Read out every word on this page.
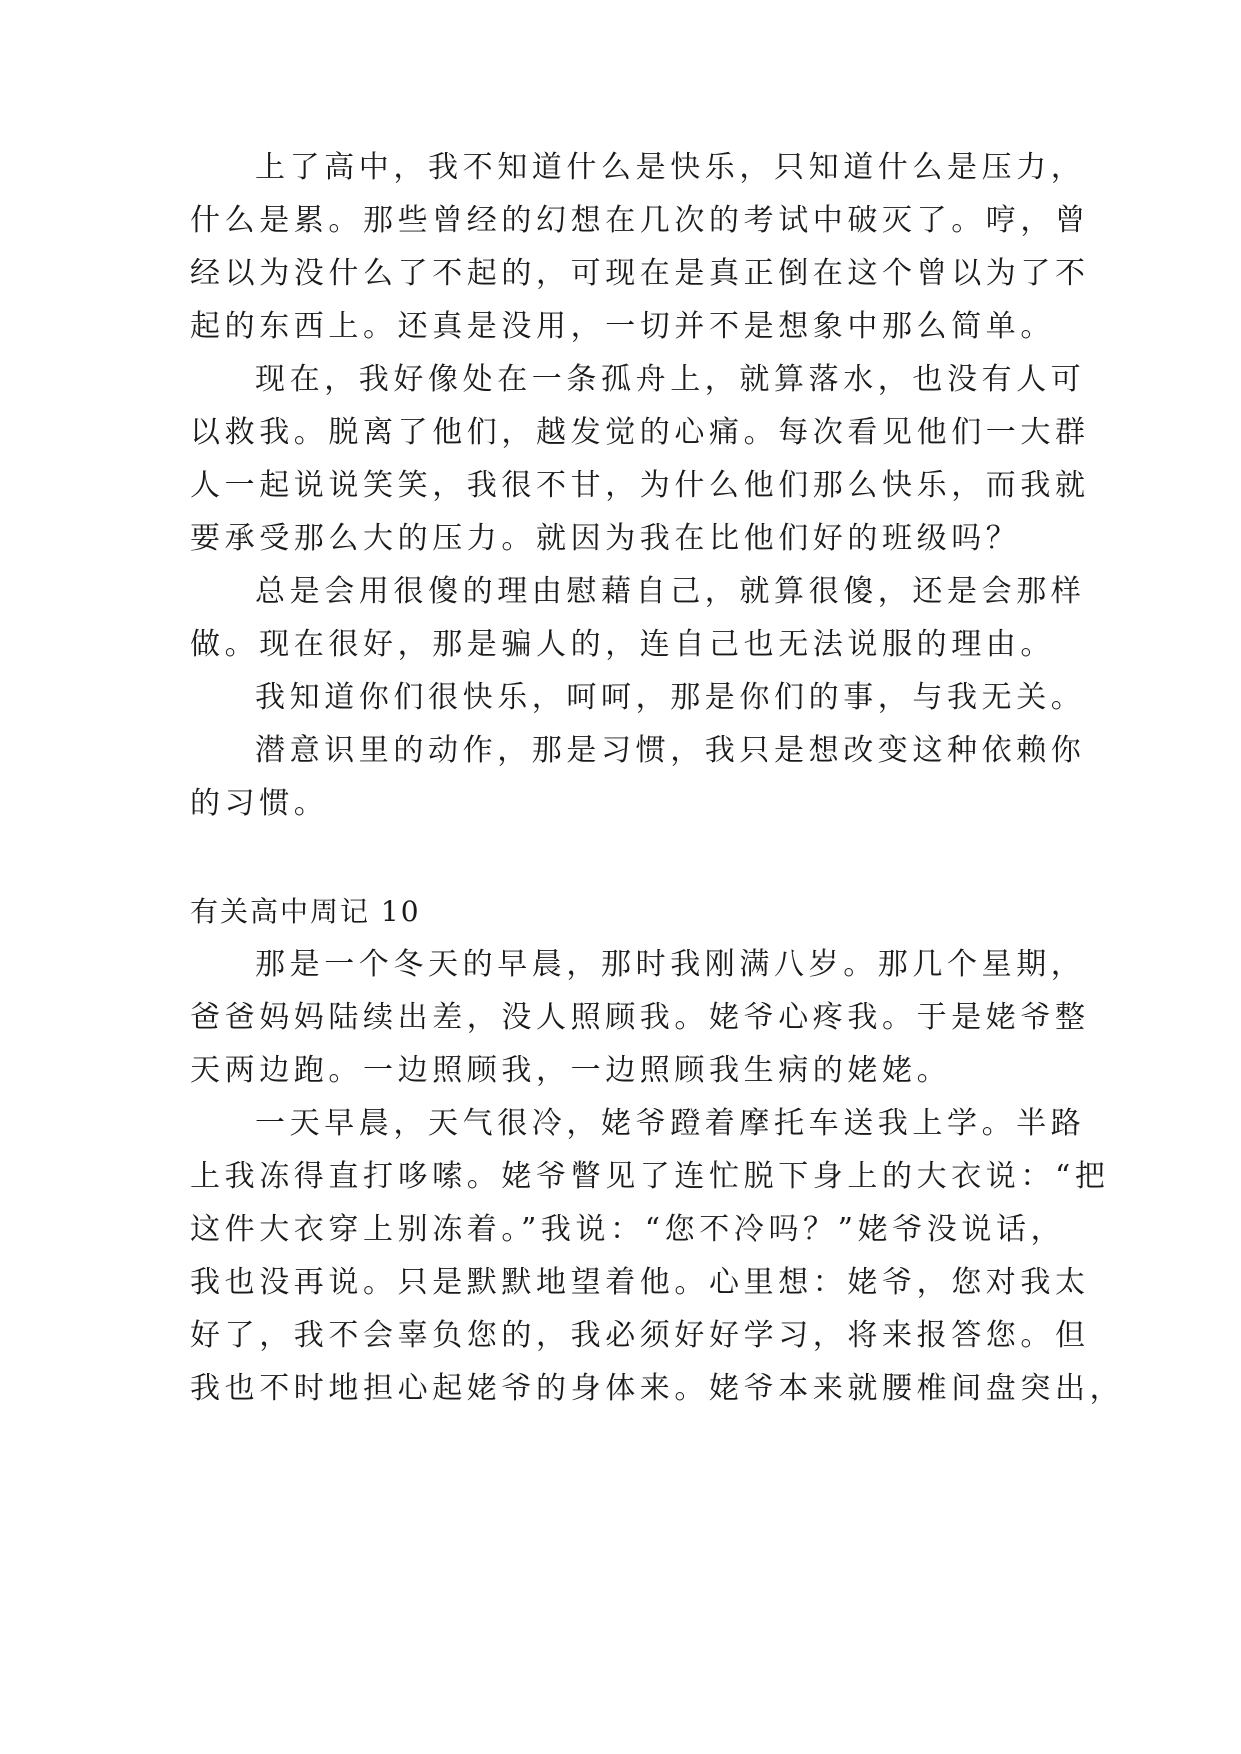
上了高中，我不知道什么是快乐，只知道什么是压力，
什么是累。那些曾经的幻想在几次的考试中破灭了。哼，曾
经以为没什么了不起的，可现在是真正倒在这个曾以为了不
起的东西上。还真是没用，一切并不是想象中那么简单。
现在，我好像处在一条孤舟上，就算落水，也没有人可
以救我。脱离了他们，越发觉的心痛。每次看见他们一大群
人一起说说笑笑，我很不甘，为什么他们那么快乐，而我就
要承受那么大的压力。就因为我在比他们好的班级吗？
总是会用很傻的理由慰藉自己，就算很傻，还是会那样
做。现在很好，那是骗人的，连自己也无法说服的理由。
我知道你们很快乐，呵呵，那是你们的事，与我无关。
潜意识里的动作，那是习惯，我只是想改变这种依赖你
的习惯。
有关高中周记 10
那是一个冬天的早晨，那时我刚满八岁。那几个星期，
爸爸妈妈陆续出差，没人照顾我。姥爷心疼我。于是姥爷整
天两边跑。一边照顾我，一边照顾我生病的姥姥。
一天早晨，天气很冷，姥爷蹬着摩托车送我上学。半路
上我冻得直打哆嗦。姥爷瞥见了连忙脱下身上的大衣说：“把
这件大衣穿上别冻着。”我说：“您不冷吗？”姥爷没说话，
我也没再说。只是默默地望着他。心里想：姥爷，您对我太
好了，我不会辜负您的，我必须好好学习，将来报答您。但
我也不时地担心起姥爷的身体来。姥爷本来就腰椎间盘突出，
